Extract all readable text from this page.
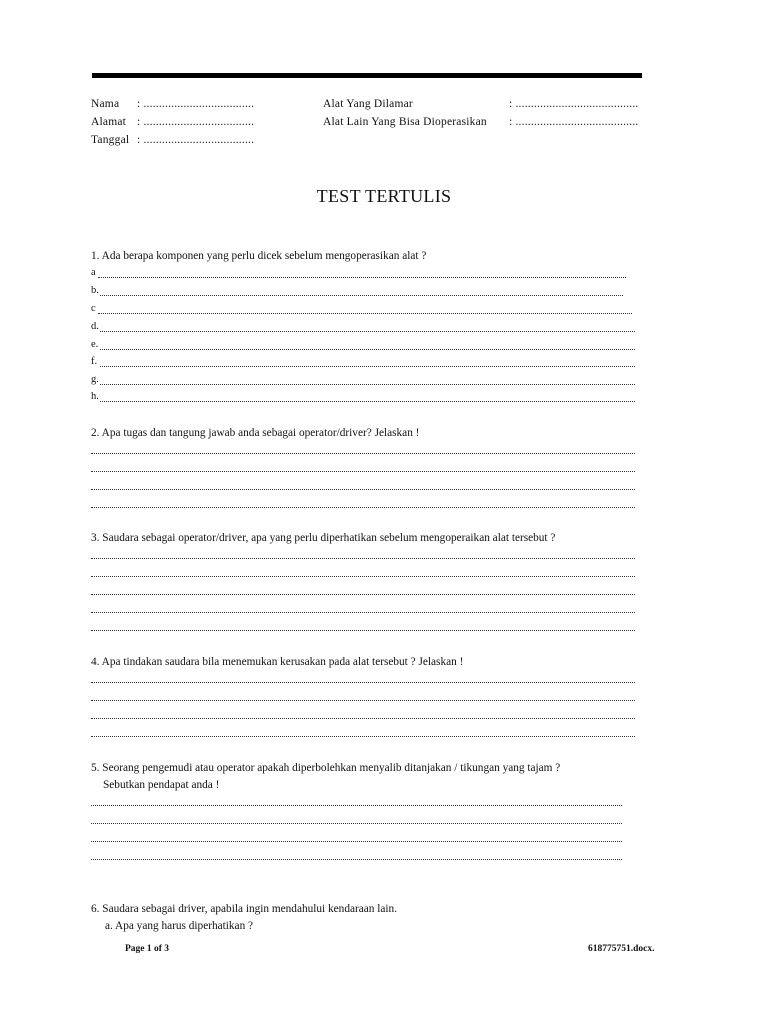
Nama : ....................................
Alamat : ....................................
Tanggal : ....................................
Alat Yang Dilamar	: ........................................
Alat Lain Yang Bisa Dioperasikan : ........................................
TEST TERTULIS
1. Ada berapa komponen yang perlu dicek sebelum mengoperasikan alat ?
a
b.
c
d.
e.
f.
g.
h.
2. Apa tugas dan tangung jawab anda sebagai operator/driver? Jelaskan !
3. Saudara sebagai operator/driver, apa yang perlu diperhatikan sebelum mengoperaikan alat tersebut ?
4. Apa tindakan saudara bila menemukan kerusakan pada alat tersebut ? Jelaskan !
5. Seorang pengemudi atau operator apakah diperbolehkan menyalib ditanjakan / tikungan yang tajam ?
Sebutkan pendapat anda !
6. Saudara sebagai driver, apabila ingin mendahului kendaraan lain.
a. Apa yang harus diperhatikan ?
Page 1 of 3	618775751.docx.
